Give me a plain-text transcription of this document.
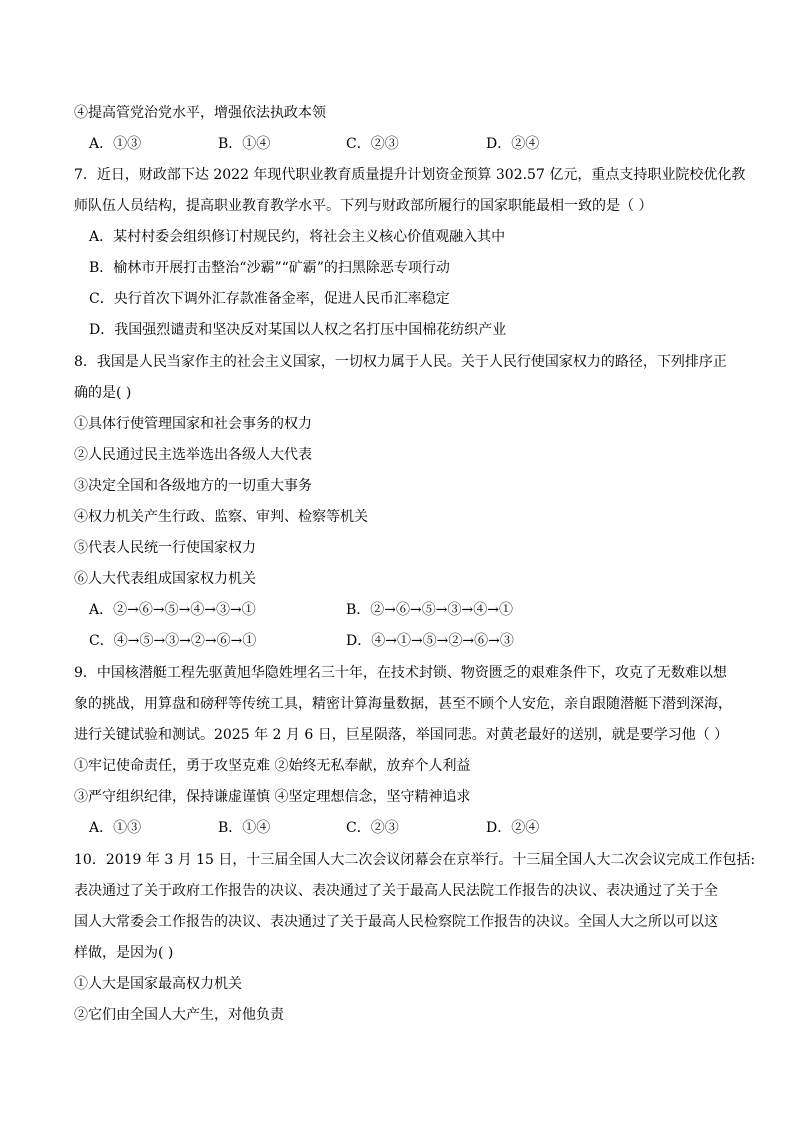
④提高管党治党水平，增强依法执政本领
A．①③	B．①④	C．②③	D．②④
7．近日，财政部下达 2022 年现代职业教育质量提升计划资金预算 302.57 亿元，重点支持职业院校优化教
师队伍人员结构，提高职业教育教学水平。下列与财政部所履行的国家职能最相一致的是（ ）
A．某村村委会组织修订村规民约，将社会主义核心价值观融入其中
B．榆林市开展打击整治“沙霸”“矿霸”的扫黑除恶专项行动
C．央行首次下调外汇存款准备金率，促进人民币汇率稳定
D．我国强烈谴责和坚决反对某国以人权之名打压中国棉花纺织产业
8．我国是人民当家作主的社会主义国家，一切权力属于人民。关于人民行使国家权力的路径，下列排序正
确的是( )
①具体行使管理国家和社会事务的权力
②人民通过民主选举选出各级人大代表
③决定全国和各级地方的一切重大事务
④权力机关产生行政、监察、审判、检察等机关
⑤代表人民统一行使国家权力
⑥人大代表组成国家权力机关
A．②→⑥→⑤→④→③→①	B．②→⑥→⑤→③→④→①
C．④→⑤→③→②→⑥→①	D．④→①→⑤→②→⑥→③
9．中国核潜艇工程先驱黄旭华隐姓埋名三十年，在技术封锁、物资匮乏的艰难条件下，攻克了无数难以想
象的挑战，用算盘和磅秤等传统工具，精密计算海量数据，甚至不顾个人安危，亲自跟随潜艇下潜到深海，
进行关键试验和测试。2025 年 2 月 6 日，巨星陨落，举国同悲。对黄老最好的送别，就是要学习他（ ）
①牢记使命责任，勇于攻坚克难 ②始终无私奉献，放弃个人利益
③严守组织纪律，保持谦虚谨慎 ④坚定理想信念，坚守精神追求
A．①③	B．①④	C．②③	D．②④
10．2019 年 3 月 15 日，十三届全国人大二次会议闭幕会在京举行。十三届全国人大二次会议完成工作包括:
表决通过了关于政府工作报告的决议、表决通过了关于最高人民法院工作报告的决议、表决通过了关于全
国人大常委会工作报告的决议、表决通过了关于最高人民检察院工作报告的决议。全国人大之所以可以这
样做，是因为( )
①人大是国家最高权力机关
②它们由全国人大产生，对他负责
